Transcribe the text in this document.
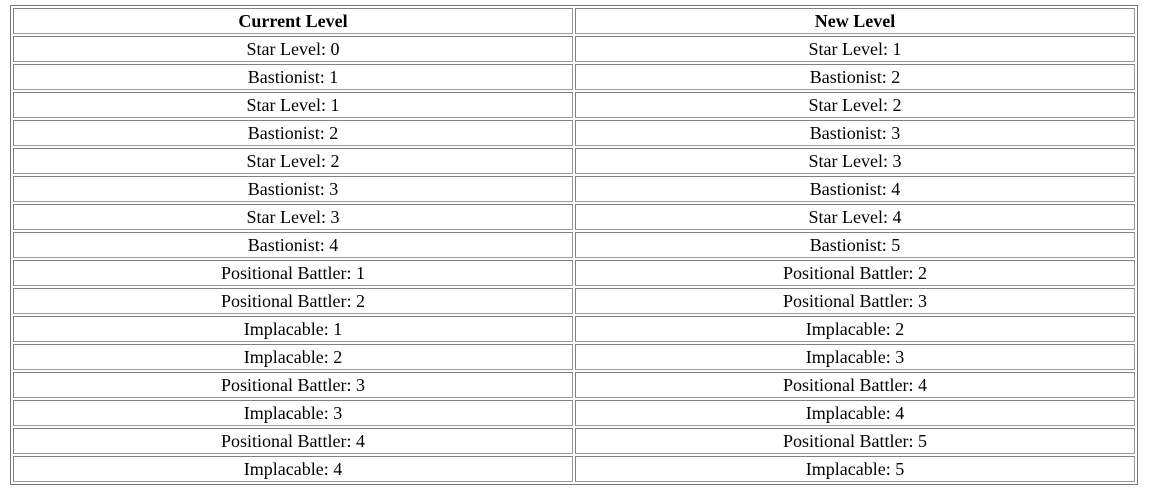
Current Level	New Level
Star Level: 0	Star Level: 1
Bastionist: 1	Bastionist: 2
Star Level: 1	Star Level: 2
Bastionist: 2	Bastionist: 3
Star Level: 2	Star Level: 3
Bastionist: 3	Bastionist: 4
Star Level: 3	Star Level: 4
Bastionist: 4	Bastionist: 5
Positional Battler: 1	Positional Battler: 2
Positional Battler: 2	Positional Battler: 3
Implacable: 1	Implacable: 2
Implacable: 2	Implacable: 3
Positional Battler: 3	Positional Battler: 4
Implacable: 3	Implacable: 4
Positional Battler: 4	Positional Battler: 5
Implacable: 4	Implacable: 5
